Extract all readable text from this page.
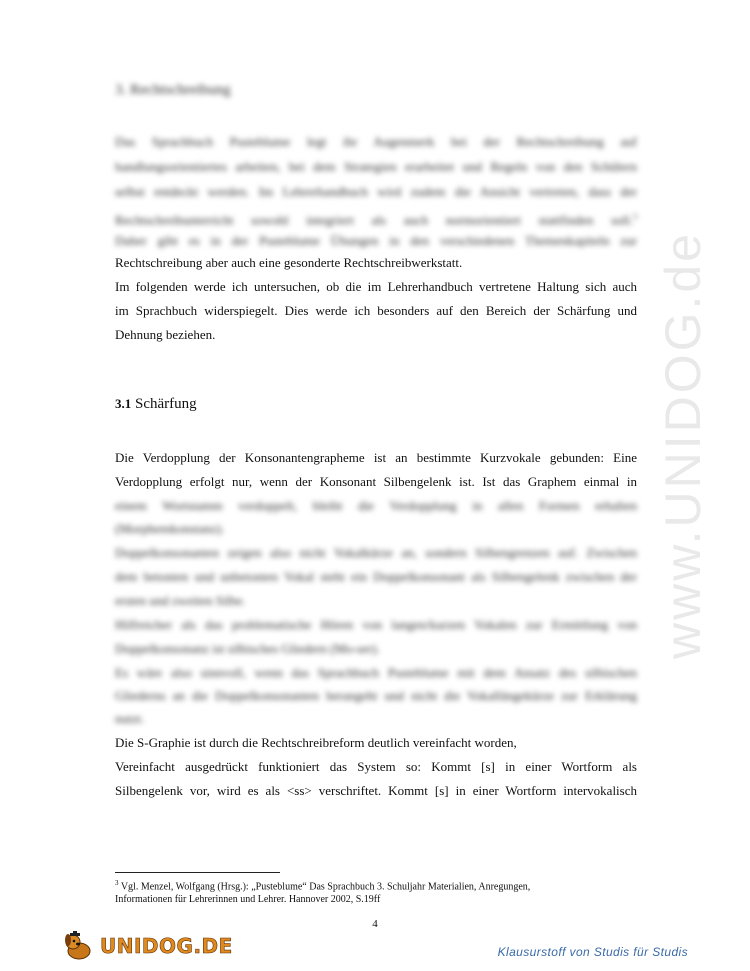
www.UNIDOG.de
3. Rechtschreibung
Das Sprachbuch Pusteblume legt ihr Augenmerk bei der Rechtschreibung auf
handlungsorientiertes arbeiten, bei dem Strategien erarbeitet und Regeln von den Schülern
selbst entdeckt werden. Im Lehrerhandbuch wird zudem die Ansicht vertreten, dass der
Rechtschreibunterricht sowohl integriert als auch normorientiert stattfinden soll.$^3$
Daher gibt es in der Pusteblume Übungen in den verschiedenen Themenkapiteln zur
Rechtschreibung aber auch eine gesonderte Rechtschreibwerkstatt.
Im folgenden werde ich untersuchen, ob die im Lehrerhandbuch vertretene Haltung sich auch
im Sprachbuch widerspiegelt. Dies werde ich besonders auf den Bereich der Schärfung und
Dehnung beziehen.
3.1 Schärfung
Die Verdopplung der Konsonantengrapheme ist an bestimmte Kurzvokale gebunden: Eine
Verdopplung erfolgt nur, wenn der Konsonant Silbengelenk ist. Ist das Graphem einmal in
einem Wortstamm verdoppelt, bleibt die Verdopplung in allen Formen erhalten
(Morphemkonstanz).
Doppelkonsonanten zeigen also nicht Vokalkürze an, sondern Silbengrenzen auf. Zwischen
dem betonten und unbetonten Vokal steht ein Doppelkonsonant als Silbengelenk zwischen der
ersten und zweiten Silbe.
Hilfreicher als das problematische Hören von langen/kurzen Vokalen zur Ermittlung von
Doppelkonsonanz ist silbisches Gliedern (Mo-ser).
Es wäre also sinnvoll, wenn das Sprachbuch Pusteblume mit dem Ansatz des silbischen
Gliederns an die Doppelkonsonanten herangeht und nicht die Vokallängekürze zur Erklärung
nutzt.
Die S-Graphie ist durch die Rechtschreibreform deutlich vereinfacht worden,
Vereinfacht ausgedrückt funktioniert das System so: Kommt [s] in einer Wortform als
Silbengelenk vor, wird es als <ss> verschriftet. Kommt [s] in einer Wortform intervokalisch
$^3$ Vgl. Menzel, Wolfgang (Hrsg.): „Pusteblume“ Das Sprachbuch 3. Schuljahr Materialien, Anregungen,
Informationen für Lehrerinnen und Lehrer. Hannover 2002, S.19ff
4
UNIDOG.DE	Klausurstoff von Studis für Studis
